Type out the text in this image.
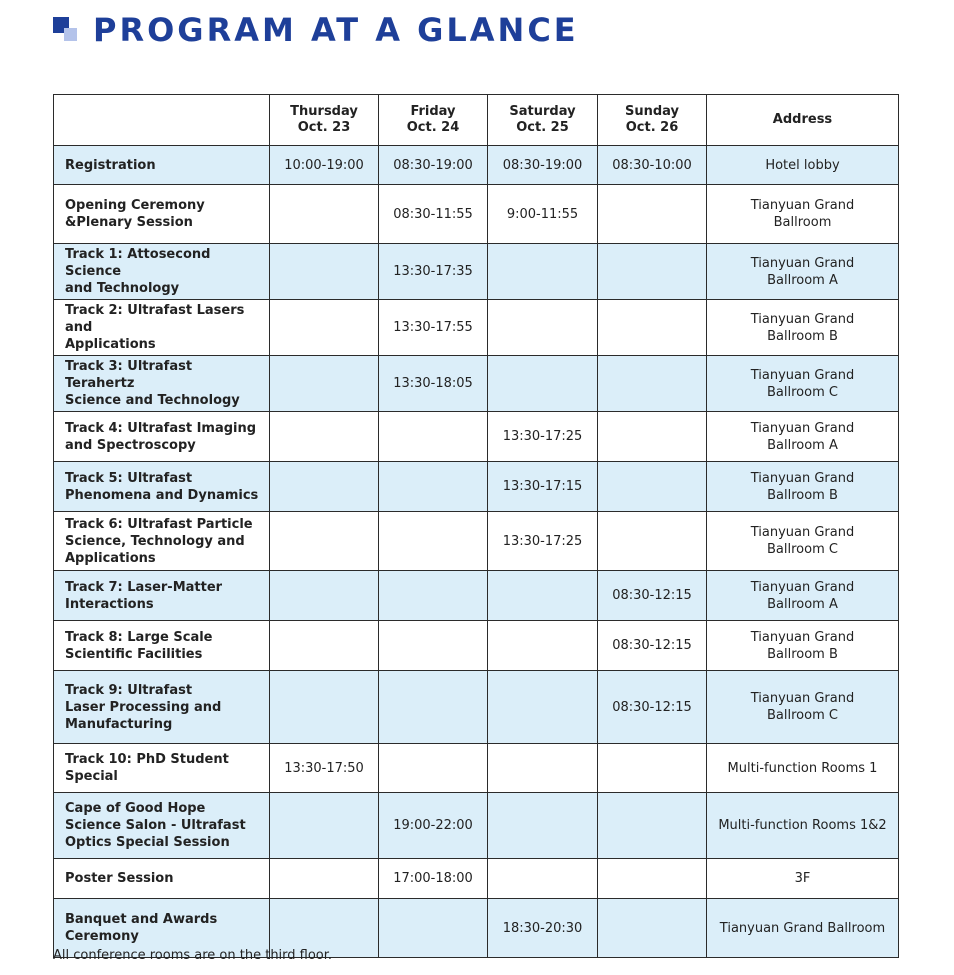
PROGRAM AT A GLANCE
	Thursday
Oct. 23	Friday
Oct. 24	Saturday
Oct. 25	Sunday
Oct. 26	Address
Registration	10:00-19:00	08:30-19:00	08:30-19:00	08:30-10:00	Hotel lobby
Opening Ceremony
&Plenary Session		08:30-11:55	9:00-11:55		Tianyuan Grand
Ballroom
Track 1: Attosecond Science
and Technology		13:30-17:35			Tianyuan Grand
Ballroom A
Track 2: Ultrafast Lasers and
Applications		13:30-17:55			Tianyuan Grand
Ballroom B
Track 3: Ultrafast Terahertz
Science and Technology		13:30-18:05			Tianyuan Grand
Ballroom C
Track 4: Ultrafast Imaging
and Spectroscopy			13:30-17:25		Tianyuan Grand
Ballroom A
Track 5: Ultrafast
Phenomena and Dynamics			13:30-17:15		Tianyuan Grand
Ballroom B
Track 6: Ultrafast Particle
Science, Technology and
Applications			13:30-17:25		Tianyuan Grand
Ballroom C
Track 7: Laser-Matter
Interactions				08:30-12:15	Tianyuan Grand
Ballroom A
Track 8: Large Scale
Scientific Facilities				08:30-12:15	Tianyuan Grand
Ballroom B
Track 9: Ultrafast
Laser Processing and
Manufacturing				08:30-12:15	Tianyuan Grand
Ballroom C
Track 10: PhD Student
Special	13:30-17:50				Multi-function Rooms 1
Cape of Good Hope
Science Salon - Ultrafast
Optics Special Session		19:00-22:00			Multi-function Rooms 1&2
Poster Session		17:00-18:00			3F
Banquet and Awards
Ceremony			18:30-20:30		Tianyuan Grand Ballroom
All conference rooms are on the third floor.
